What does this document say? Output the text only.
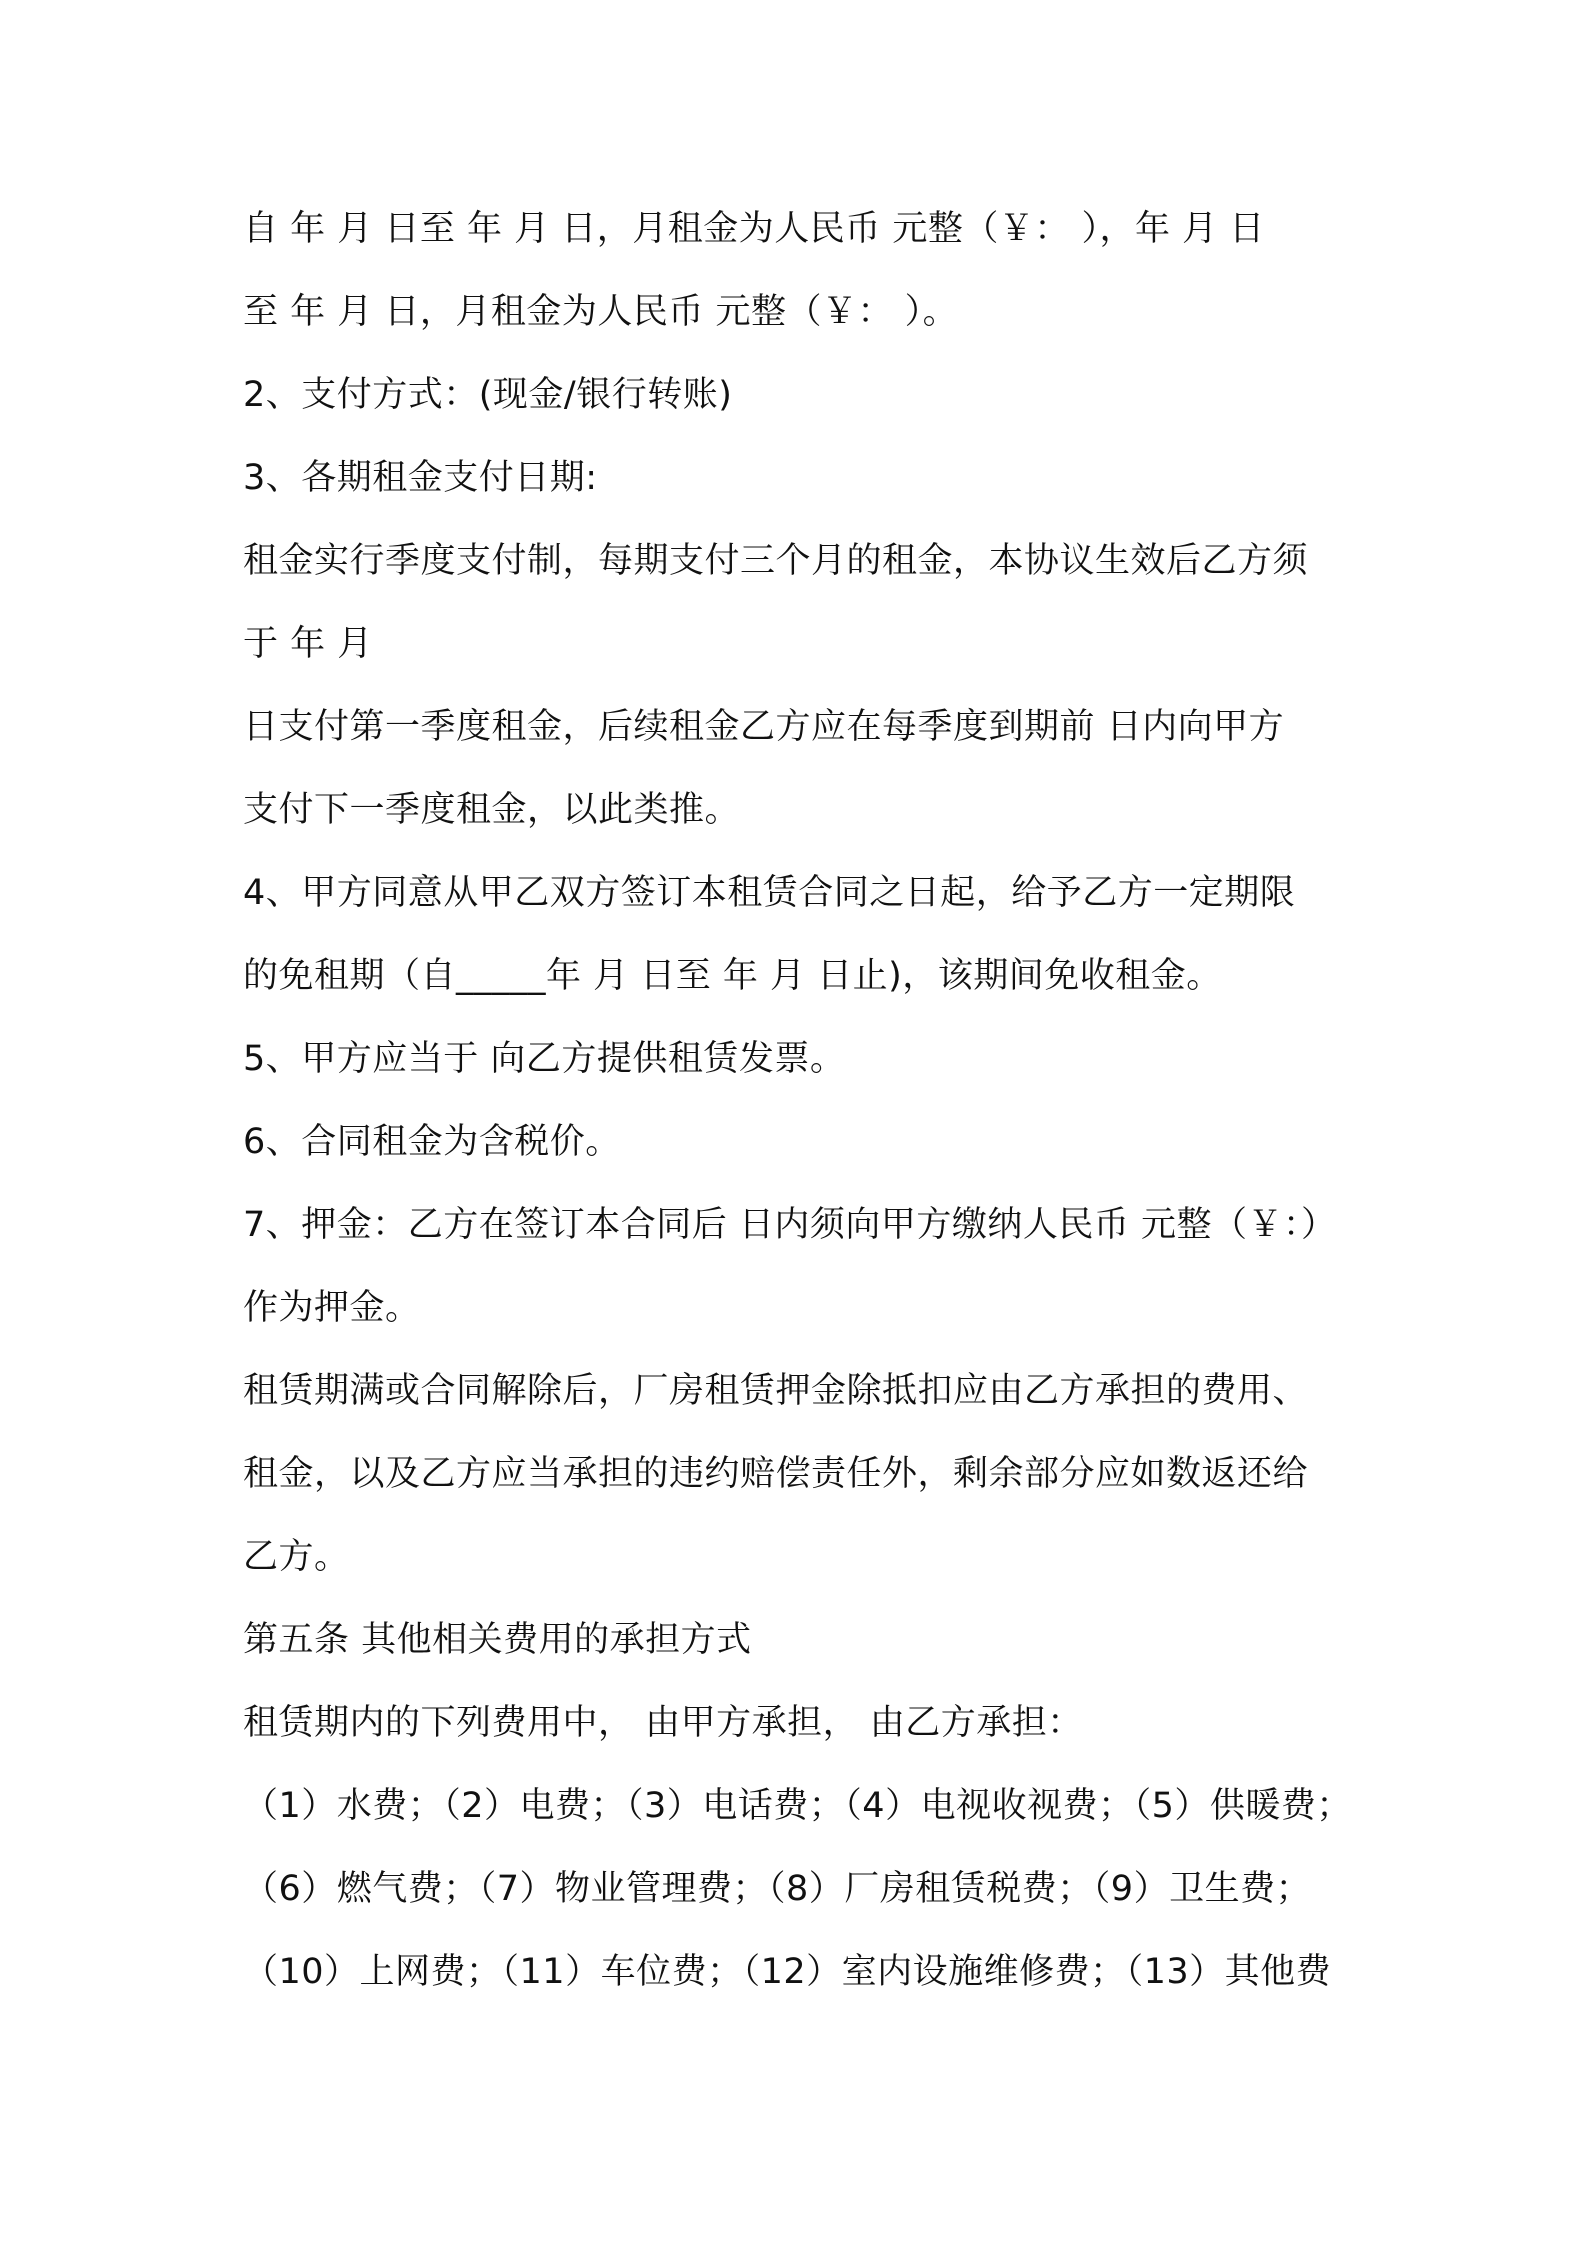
自 年 月 日至 年 月 日，月租金为人民币 元整（￥： ），年 月 日

至 年 月 日，月租金为人民币 元整（￥： ）。

2、支付方式：(现金/银行转账)

3、各期租金支付日期:

租金实行季度支付制，每期支付三个月的租金，本协议生效后乙方须

于 年 月

日支付第一季度租金，后续租金乙方应在每季度到期前 日内向甲方

支付下一季度租金，以此类推。

4、甲方同意从甲乙双方签订本租赁合同之日起，给予乙方一定期限

的免租期（自_____年 月 日至 年 月 日止)，该期间免收租金。

5、甲方应当于 向乙方提供租赁发票。

6、合同租金为含税价。

7、押金：乙方在签订本合同后 日内须向甲方缴纳人民币 元整（￥：）

作为押金。

租赁期满或合同解除后，厂房租赁押金除抵扣应由乙方承担的费用、

租金，以及乙方应当承担的违约赔偿责任外，剩余部分应如数返还给

乙方。

第五条 其他相关费用的承担方式

租赁期内的下列费用中， 由甲方承担， 由乙方承担：

（1）水费；（2）电费；（3）电话费；（4）电视收视费；（5）供暖费；

（6）燃气费；（7）物业管理费；（8）厂房租赁税费；（9）卫生费；

（10）上网费；（11）车位费；（12）室内设施维修费；（13）其他费
